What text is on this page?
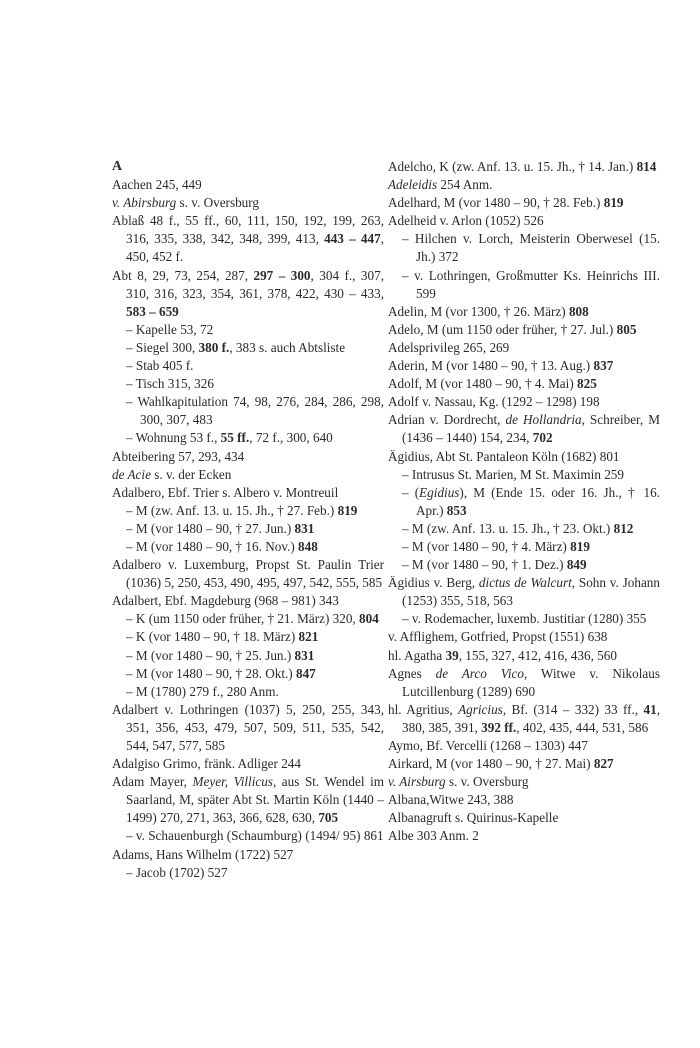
A

Aachen 245, 449

v. Abirsburg s. v. Oversburg

Ablaß 48 f., 55 ff., 60, 111, 150, 192, 199, 263, 316, 335, 338, 342, 348, 399, 413, 443 – 447, 450, 452 f.

Abt 8, 29, 73, 254, 287, 297 – 300, 304 f., 307, 310, 316, 323, 354, 361, 378, 422, 430 – 433, 583 – 659

– Kapelle 53, 72

– Siegel 300, 380 f., 383 s. auch Abtsliste

– Stab 405 f.

– Tisch 315, 326

– Wahlkapitulation 74, 98, 276, 284, 286, 298, 300, 307, 483

– Wohnung 53 f., 55 ff., 72 f., 300, 640

Abteibering 57, 293, 434

de Acie s. v. der Ecken

Adalbero, Ebf. Trier s. Albero v. Montreuil

– M (zw. Anf. 13. u. 15. Jh., † 27. Feb.) 819

– M (vor 1480 – 90, † 27. Jun.) 831

– M (vor 1480 – 90, † 16. Nov.) 848

Adalbero v. Luxemburg, Propst St. Paulin Trier (1036) 5, 250, 453, 490, 495, 497, 542, 555, 585

Adalbert, Ebf. Magdeburg (968 – 981) 343

– K (um 1150 oder früher, † 21. März) 320, 804

– K (vor 1480 – 90, † 18. März) 821

– M (vor 1480 – 90, † 25. Jun.) 831

– M (vor 1480 – 90, † 28. Okt.) 847

– M (1780) 279 f., 280 Anm.

Adalbert v. Lothringen (1037) 5, 250, 255, 343, 351, 356, 453, 479, 507, 509, 511, 535, 542, 544, 547, 577, 585

Adalgiso Grimo, fränk. Adliger 244

Adam Mayer, Meyer, Villicus, aus St. Wendel im Saarland, M, später Abt St. Martin Köln (1440 – 1499) 270, 271, 363, 366, 628, 630, 705

– v. Schauenburgh (Schaumburg) (1494/ 95) 861

Adams, Hans Wilhelm (1722) 527

– Jacob (1702) 527

Adelcho, K (zw. Anf. 13. u. 15. Jh., † 14. Jan.) 814

Adeleidis 254 Anm.

Adelhard, M (vor 1480 – 90, † 28. Feb.) 819

Adelheid v. Arlon (1052) 526

– Hilchen v. Lorch, Meisterin Oberwesel (15. Jh.) 372

– v. Lothringen, Großmutter Ks. Heinrichs III. 599

Adelin, M (vor 1300, † 26. März) 808

Adelo, M (um 1150 oder früher, † 27. Jul.) 805

Adelsprivileg 265, 269

Aderin, M (vor 1480 – 90, † 13. Aug.) 837

Adolf, M (vor 1480 – 90, † 4. Mai) 825

Adolf v. Nassau, Kg. (1292 – 1298) 198

Adrian v. Dordrecht, de Hollandria, Schreiber, M (1436 – 1440) 154, 234, 702

Ägidius, Abt St. Pantaleon Köln (1682) 801

– Intrusus St. Marien, M St. Maximin 259

– (Egidius), M (Ende 15. oder 16. Jh., † 16. Apr.) 853

– M (zw. Anf. 13. u. 15. Jh., † 23. Okt.) 812

– M (vor 1480 – 90, † 4. März) 819

– M (vor 1480 – 90, † 1. Dez.) 849

Ägidius v. Berg, dictus de Walcurt, Sohn v. Johann (1253) 355, 518, 563

– v. Rodemacher, luxemb. Justitiar (1280) 355

v. Afflighem, Gotfried, Propst (1551) 638

hl. Agatha 39, 155, 327, 412, 416, 436, 560

Agnes de Arco Vico, Witwe v. Nikolaus Lutcillenburg (1289) 690

hl. Agritius, Agricius, Bf. (314 – 332) 33 ff., 41, 380, 385, 391, 392 ff., 402, 435, 444, 531, 586

Aymo, Bf. Vercelli (1268 – 1303) 447

Airkard, M (vor 1480 – 90, † 27. Mai) 827

v. Airsburg s. v. Oversburg

Albana,Witwe 243, 388

Albanagruft s. Quirinus-Kapelle

Albe 303 Anm. 2
